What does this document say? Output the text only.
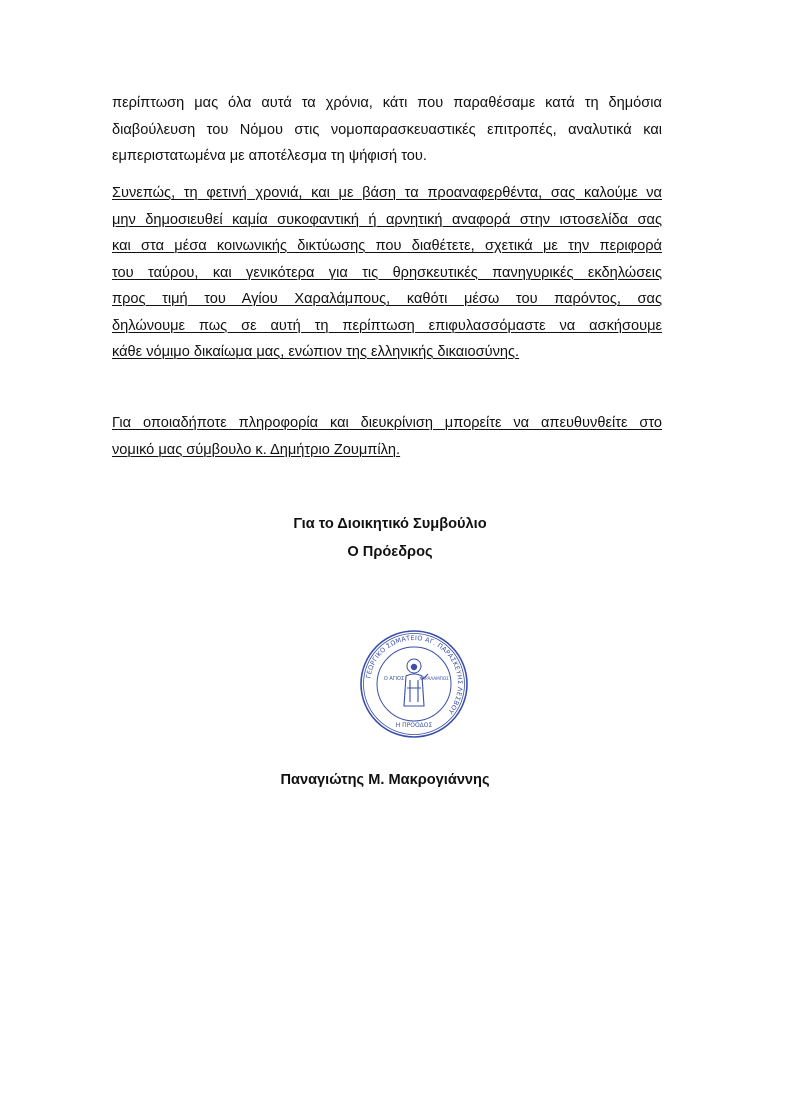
περίπτωση μας όλα αυτά τα χρόνια, κάτι που παραθέσαμε κατά τη δημόσια
διαβούλευση του Νόμου στις νομοπαρασκευαστικές επιτροπές, αναλυτικά και
εμπεριστατωμένα με αποτέλεσμα τη ψήφισή του.

Συνεπώς, τη φετινή χρονιά, και με βάση τα προαναφερθέντα, σας καλούμε να
μην δημοσιευθεί καμία συκοφαντική ή αρνητική αναφορά στην ιστοσελίδα σας
και στα μέσα κοινωνικής δικτύωσης που διαθέτετε, σχετικά με την περιφορά
του ταύρου, και γενικότερα για τις θρησκευτικές πανηγυρικές εκδηλώσεις
προς τιμή του Αγίου Χαραλάμπους, καθότι μέσω του παρόντος, σας
δηλώνουμε πως σε αυτή τη περίπτωση επιφυλασσόμαστε να ασκήσουμε
κάθε νόμιμο δικαίωμα μας, ενώπιον της ελληνικής δικαιοσύνης.

Για οποιαδήποτε πληροφορία και διευκρίνιση μπορείτε να απευθυνθείτε στο
νομικό μας σύμβουλο κ. Δημήτριο Ζουμπίλη.

Για το Διοικητικό Συμβούλιο
Ο Πρόεδρος
ΓΕΩΡΓΙΚΟ ΣΩΜΑΤΕΙΟ ΑΓ. ΠΑΡΑΣΚΕΥΗΣ ΛΕΣΒΟΥ
Η ΠΡΟΟΔΟΣ
Ο ΑΓΙΟΣ	ΧΑΡΑΛΑΜΠΟΣ
Παναγιώτης Μ. Μακρογιάννης
